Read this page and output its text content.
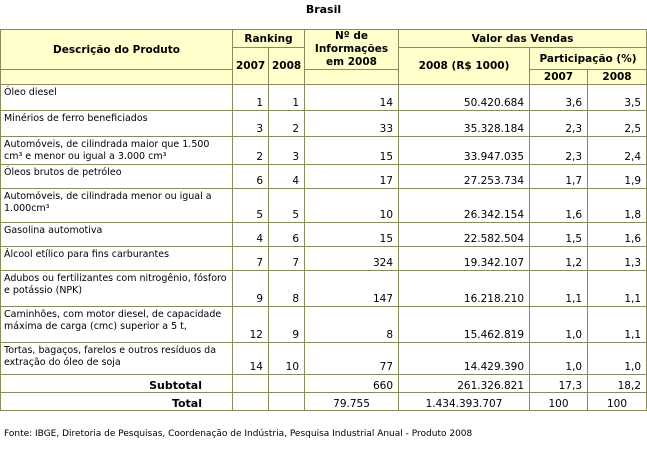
Brasil
Descrição do Produto	Ranking		Nº de Informações em 2008	Valor das Vendas		
	2007	2008		2008 (R$ 1000)	Participação (%)	
					2007	2008
Óleo diesel	1	1	14	50.420.684	3,6	3,5
Minérios de ferro beneficiados	3	2	33	35.328.184	2,3	2,5
Automóveis, de cilindrada maior que 1.500 cm³ e menor ou igual a 3.000 cm³	2	3	15	33.947.035	2,3	2,4
Óleos brutos de petróleo	6	4	17	27.253.734	1,7	1,9
Automóveis, de cilindrada menor ou igual a 1.000cm³	5	5	10	26.342.154	1,6	1,8
Gasolina automotiva	4	6	15	22.582.504	1,5	1,6
Álcool etílico para fins carburantes	7	7	324	19.342.107	1,2	1,3
Adubos ou fertilizantes com nitrogênio, fósforo e potássio (NPK)	9	8	147	16.218.210	1,1	1,1
Caminhões, com motor diesel, de capacidade máxima de carga (cmc) superior a 5 t,	12	9	8	15.462.819	1,0	1,1
Tortas, bagaços, farelos e outros resíduos da extração do óleo de soja	14	10	77	14.429.390	1,0	1,0
Subtotal			660	261.326.821	17,3	18,2
Total			79.755	1.434.393.707	100	100
Fonte: IBGE, Diretoria de Pesquisas, Coordenação de Indústria, Pesquisa Industrial Anual - Produto 2008
